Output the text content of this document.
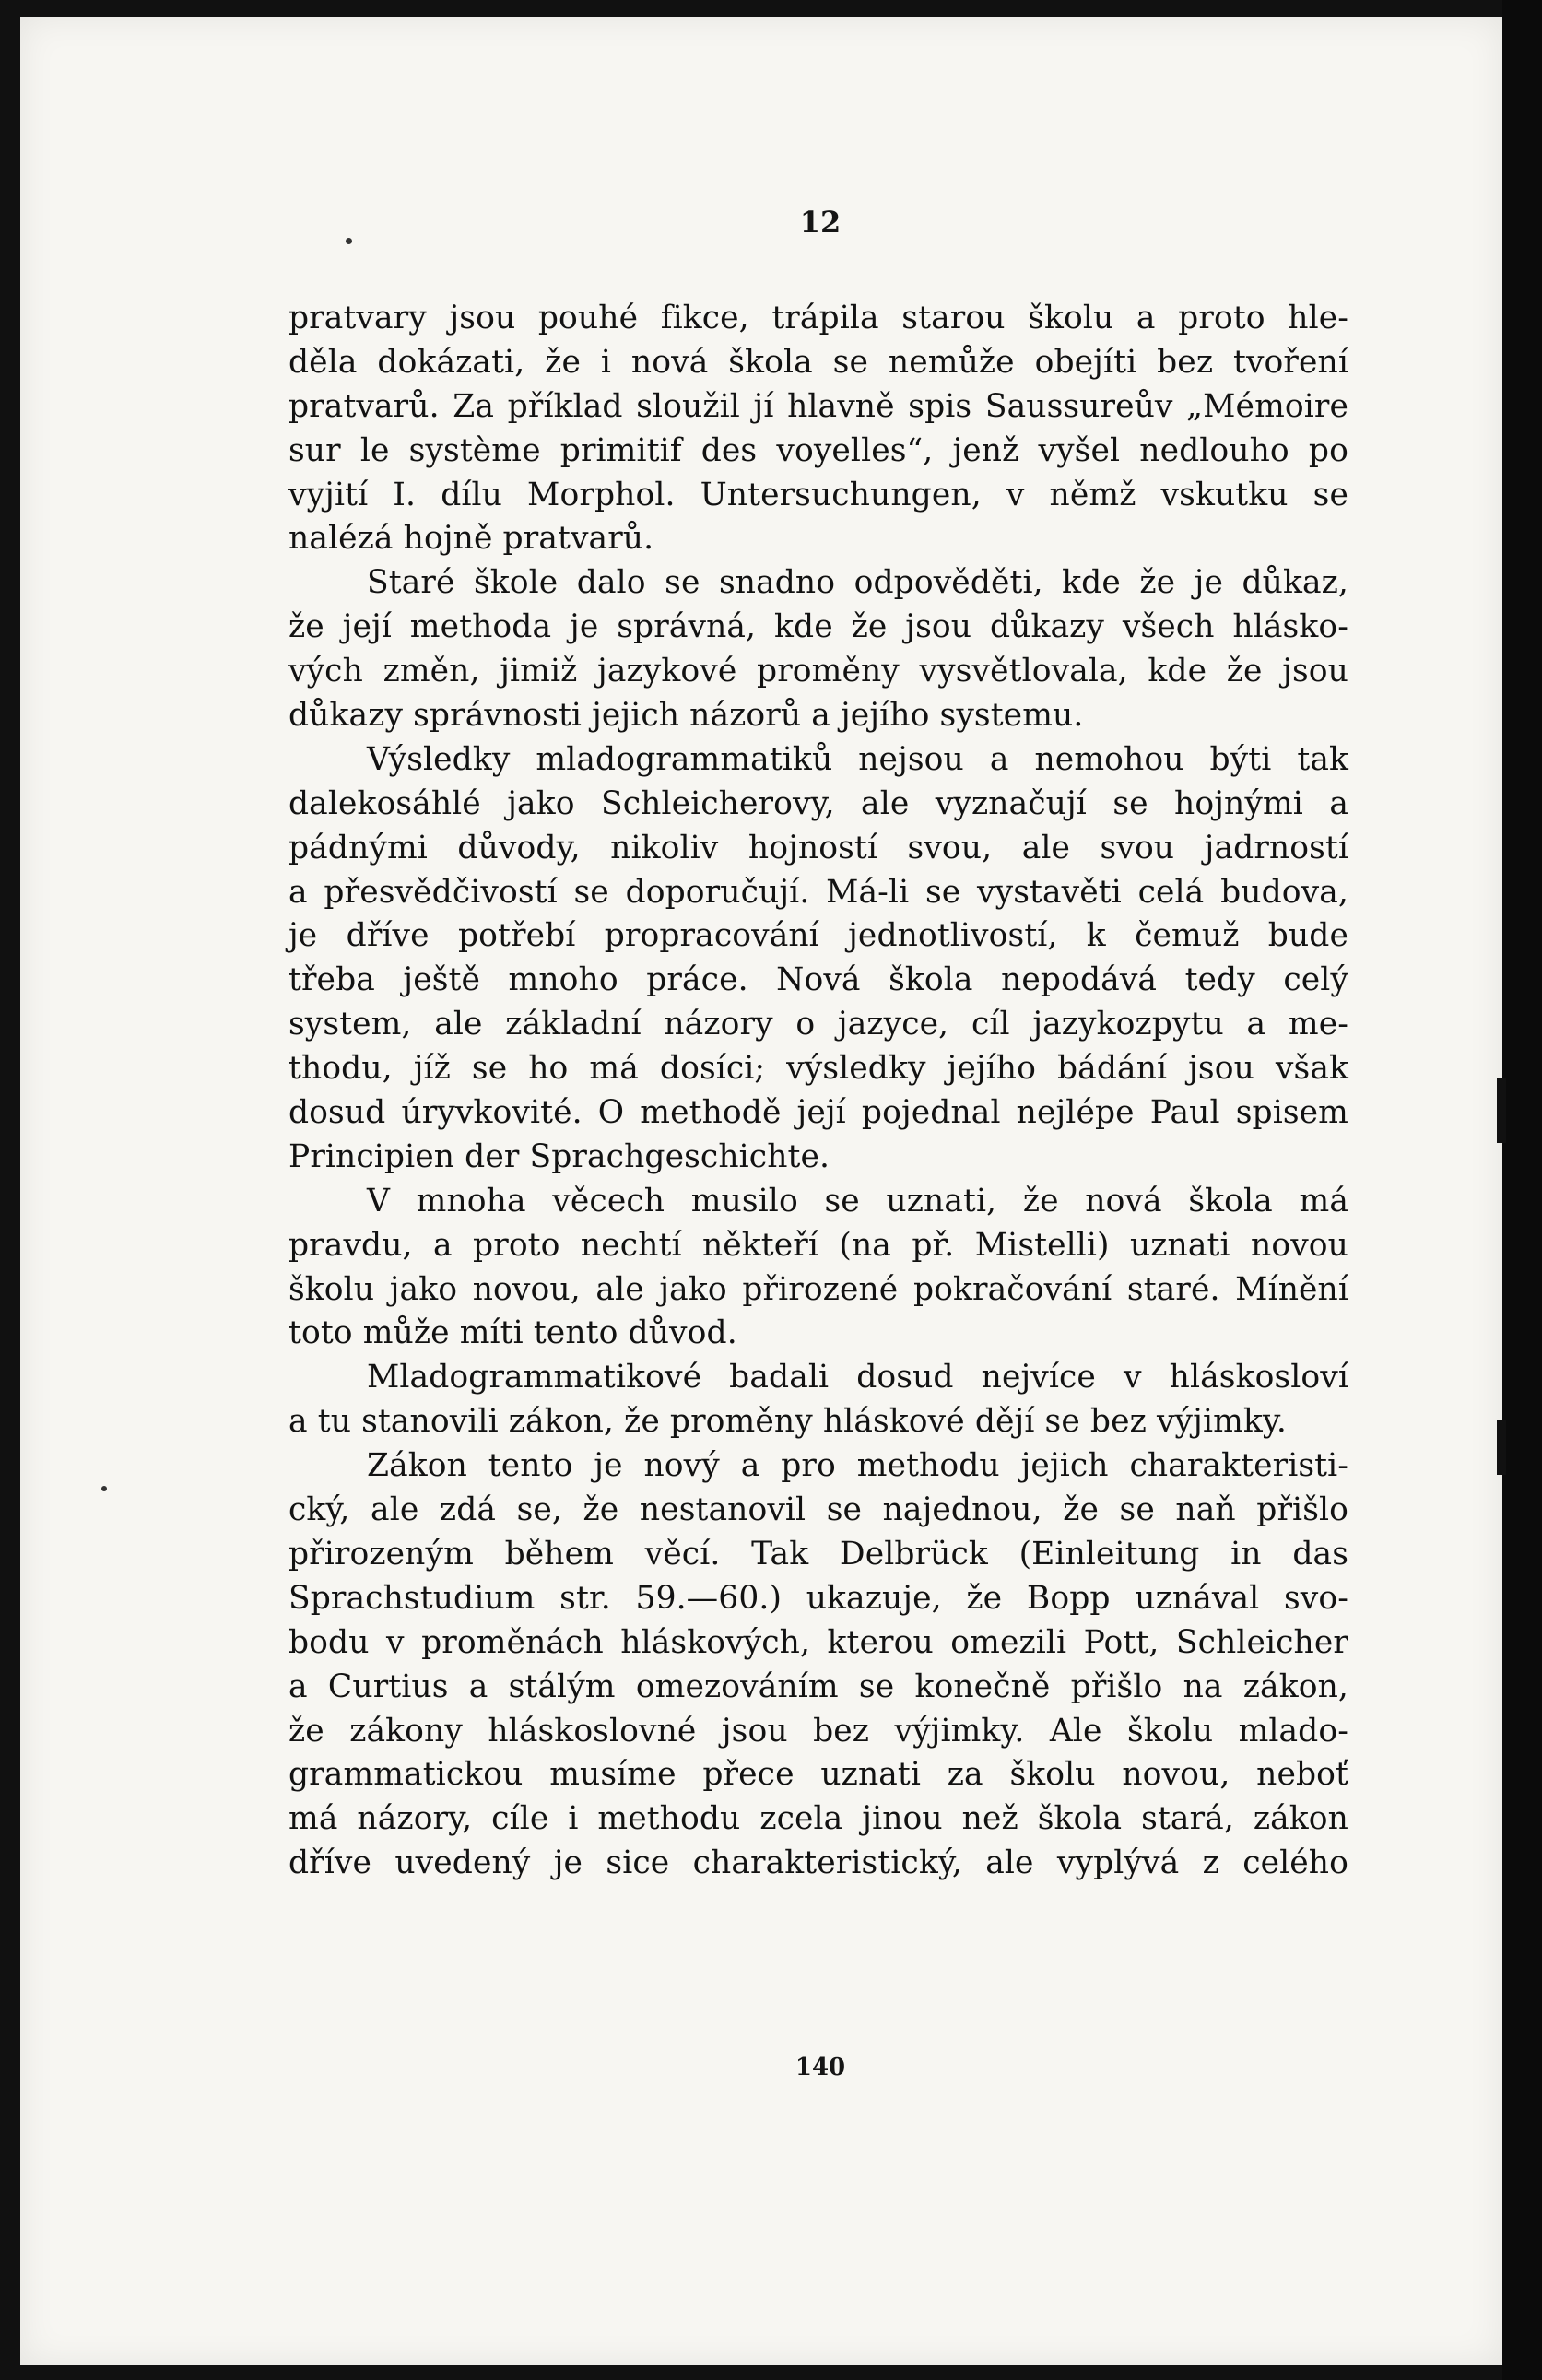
12
pratvary jsou pouhé fikce, trápila starou školu a proto hle-
děla dokázati, že i nová škola se nemůže obejíti bez tvoření
pratvarů. Za příklad sloužil jí hlavně spis Saussureův „Mémoire
sur le système primitif des voyelles“, jenž vyšel nedlouho po
vyjití I. dílu Morphol. Untersuchungen, v němž vskutku se
nalézá hojně pratvarů.
Staré škole dalo se snadno odpověděti, kde že je důkaz,
že její methoda je správná, kde že jsou důkazy všech hlásko-
vých změn, jimiž jazykové proměny vysvětlovala, kde že jsou
důkazy správnosti jejich názorů a jejího systemu.
Výsledky mladogrammatiků nejsou a nemohou býti tak
dalekosáhlé jako Schleicherovy, ale vyznačují se hojnými a
pádnými důvody, nikoliv hojností svou, ale svou jadrností
a přesvědčivostí se doporučují. Má-li se vystavěti celá budova,
je dříve potřebí propracování jednotlivostí, k čemuž bude
třeba ještě mnoho práce. Nová škola nepodává tedy celý
system, ale základní názory o jazyce, cíl jazykozpytu a me-
thodu, jíž se ho má dosíci; výsledky jejího bádání jsou však
dosud úryvkovité. O methodě její pojednal nejlépe Paul spisem
Principien der Sprachgeschichte.
V mnoha věcech musilo se uznati, že nová škola má
pravdu, a proto nechtí někteří (na př. Mistelli) uznati novou
školu jako novou, ale jako přirozené pokračování staré. Mínění
toto může míti tento důvod.
Mladogrammatikové badali dosud nejvíce v hláskosloví
a tu stanovili zákon, že proměny hláskové dějí se bez výjimky.
Zákon tento je nový a pro methodu jejich charakteristi-
cký, ale zdá se, že nestanovil se najednou, že se naň přišlo
přirozeným během věcí. Tak Delbrück (Einleitung in das
Sprachstudium str. 59.—60.) ukazuje, že Bopp uznával svo-
bodu v proměnách hláskových, kterou omezili Pott, Schleicher
a Curtius a stálým omezováním se konečně přišlo na zákon,
že zákony hláskoslovné jsou bez výjimky. Ale školu mlado-
grammatickou musíme přece uznati za školu novou, neboť
má názory, cíle i methodu zcela jinou než škola stará, zákon
dříve uvedený je sice charakteristický, ale vyplývá z celého
140
